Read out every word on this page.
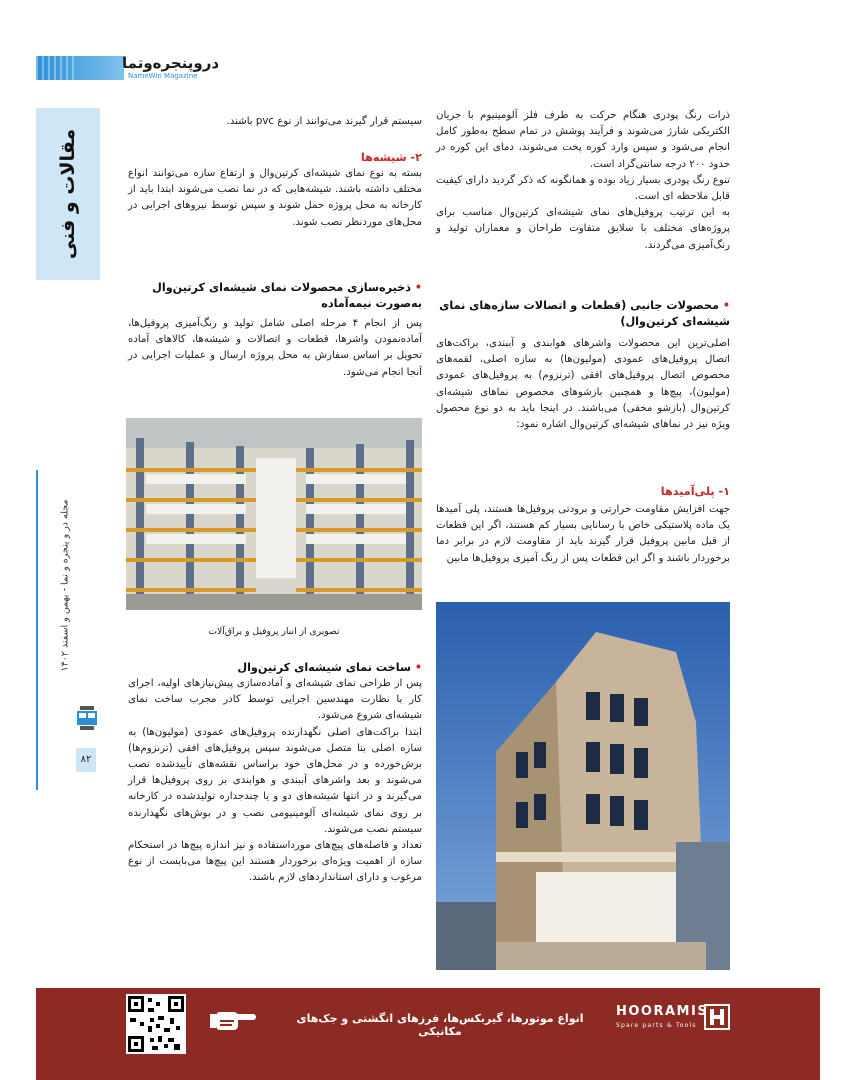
دروپنجره‌وتما
NameWin Magazine
مقالات و فنی
مجله در و پنجره و نما - بهمن و اسفند ۱۴۰۲
۸۲

ذرات رنگ پودری هنگام حرکت به طرف فلز آلومینیوم با جریان الکتریکی شارژ می‌شوند و فرآیند پوشش در تمام سطح به‌طور کامل انجام می‌شود و سپس وارد کوره پخت می‌شوند، دمای این کوره در حدود ۲۰۰ درجه سانتی‌گراد است.

تنوع رنگ پودری بسیار زیاد بوده و همانگونه که ذکر گردید دارای کیفیت قابل ملاحظه ای است.

به این ترتیب پروفیل‌های نمای شیشه‌ای کرتین‌وال مناسب برای پروژه‌های مختلف با سلایق متفاوت طراحان و معماران تولید و رنگ‌آمیزی می‌گردند.

• محصولات جانبی (قطعات و اتصالات سازه‌های نمای شیشه‌ای کرتین‌وال)
اصلی‌ترین این محصولات واشرهای هوابندی و آببندی، براکت‌های اتصال پروفیل‌های عمودی (مولیون‌ها) به سازه اصلی، لقمه‌های مخصوص اتصال پروفیل‌های افقی (ترنزوم) به پروفیل‌های عمودی (مولیون)، پیچ‌ها و همچنین بازشوهای مخصوص نماهای شیشه‌ای کرتین‌وال (بازشو مخفی) می‌باشند. در اینجا باید به دو نوع محصول ویژه نیز در نماهای شیشه‌ای کرتین‌وال اشاره نمود:
۱- پلی‌آمیدها
جهت افزایش مقاومت حرارتی و برودتی پروفیل‌ها هستند، پلی آمیدها یک ماده پلاستیکی خاص با رسانایی بسیار کم هستند، اگر این قطعات از قبل مابین پروفیل قرار گیرند باید از مقاومت لازم در برابر دما برخوردار باشند و اگر این قطعات پس از رنگ آمیزی پروفیل‌ها مابین
سیستم قرار گیرند می‌توانند از نوع pvc باشند.
۲- شیشه‌ها
بسته به نوع نمای شیشه‌ای کرتین‌وال و ارتفاع سازه می‌توانند انواع مختلف داشته باشند. شیشه‌هایی که در نما نصب می‌شوند ابتدا باید از کارخانه به محل پروژه حمل شوند و سپس توسط نیروهای اجرایی در محل‌های موردنظر نصب شوند.
• ذخیره‌سازی محصولات نمای شیشه‌ای کرتین‌وال به‌صورت نیمه‌آماده
پس از انجام ۴ مرحله اصلی شامل تولید و رنگ‌آمیزی پروفیل‌ها، آماده‌نمودن واشرها، قطعات و اتصالات و شیشه‌ها، کالاهای آماده تحویل بر اساس سفارش به محل پروژه ارسال و عملیات اجرایی در آنجا انجام می‌شود.
تصویری از انبار پروفیل و یراق‌آلات
• ساخت نمای شیشه‌ای کرتین‌وال

پس از طراحی نمای شیشه‌ای و آماده‌سازی پیش‌نیازهای اولیه، اجرای کار با نظارت مهندسین اجرایی توسط کادر مجرب ساخت نمای شیشه‌ای شروع می‌شود.

ابتدا براکت‌های اصلی نگهدارنده پروفیل‌های عمودی (مولیون‌ها) به سازه اصلی بنا متصل می‌شوند سپس پروفیل‌های افقی (ترنزوم‌ها) برش‌خورده و در محل‌های خود براساس نقشه‌های تأییدشده نصب می‌شوند و بعد واشرهای آببندی و هوابندی بر روی پروفیل‌ها قرار می‌گیرند و در انتها شیشه‌های دو و یا چندجداره تولیدشده در کارخانه بر روی نمای شیشه‌ای آلومینیومی نصب و در بوش‌های نگهدارنده سیستم نصب می‌شوند.

تعداد و فاصله‌های پیچ‌های مورداستفاده و نیز اندازه پیچ‌ها در استحکام سازه از اهمیت ویژه‌ای برخوردار هستند این پیچ‌ها می‌بایست از نوع مرغوب و دارای استانداردهای لازم باشند.

انواع موتورها، گیربکس‌ها، فرزهای انگشتی و جک‌های مکانیکی
HOORAMIS
Spare parts & Tools
